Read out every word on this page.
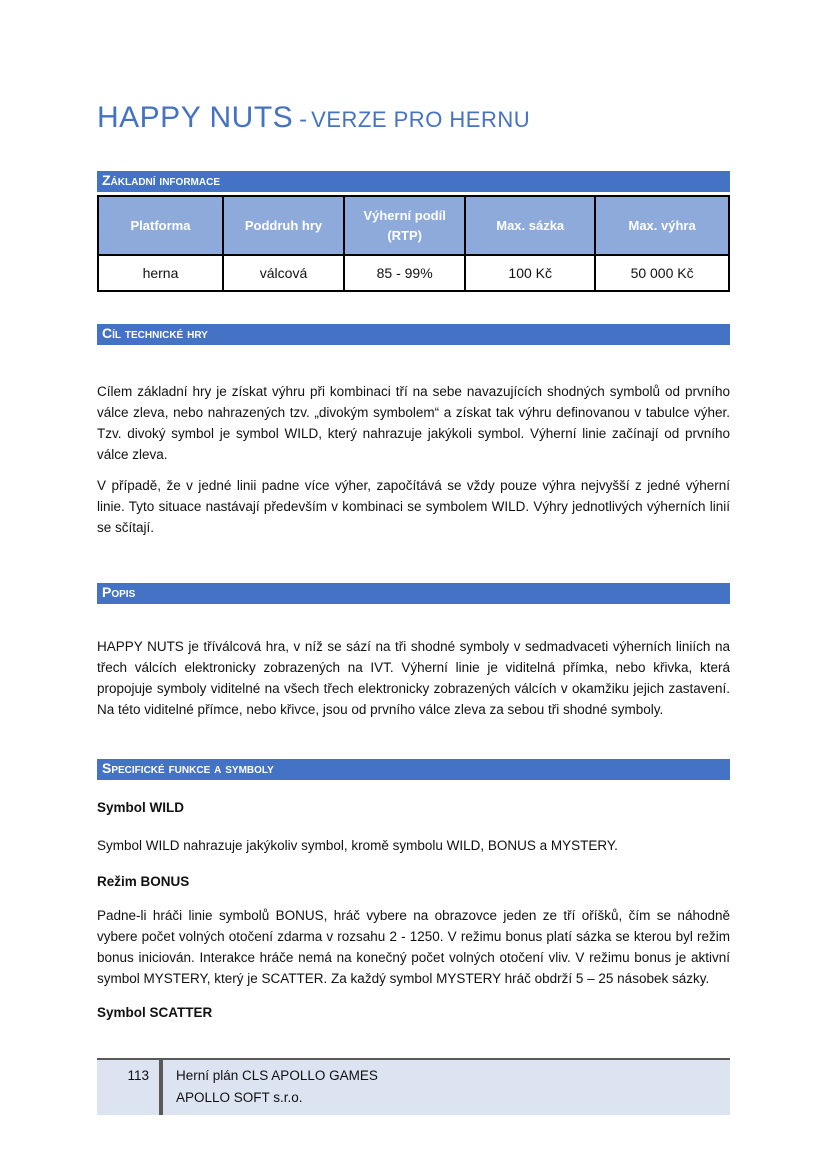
HAPPY NUTS - VERZE PRO HERNU
Základní informace
Platforma	Poddruh hry	Výherní podíl (RTP)	Max. sázka	Max. výhra
herna	válcová	85 - 99%	100 Kč	50 000 Kč
Cíl technické hry

Cílem základní hry je získat výhru při kombinaci tří na sebe navazujících shodných symbolů od prvního válce zleva, nebo nahrazených tzv. „divokým symbolem“ a získat tak výhru definovanou v tabulce výher. Tzv. divoký symbol je symbol WILD, který nahrazuje jakýkoli symbol. Výherní linie začínají od prvního válce zleva.

V případě, že v jedné linii padne více výher, započítává se vždy pouze výhra nejvyšší z jedné výherní linie. Tyto situace nastávají především v kombinaci se symbolem WILD. Výhry jednotlivých výherních linií se sčítají.

Popis

HAPPY NUTS je tříválcová hra, v níž se sází na tři shodné symboly v sedmadvaceti výherních liniích na třech válcích elektronicky zobrazených na IVT. Výherní linie je viditelná přímka, nebo křivka, která propojuje symboly viditelné na všech třech elektronicky zobrazených válcích v okamžiku jejich zastavení. Na této viditelné přímce, nebo křivce, jsou od prvního válce zleva za sebou tři shodné symboly.

Specifické funkce a symboly
Symbol WILD

Symbol WILD nahrazuje jakýkoliv symbol, kromě symbolu WILD, BONUS a MYSTERY.

Režim BONUS

Padne-li hráči linie symbolů BONUS, hráč vybere na obrazovce jeden ze tří oříšků, čím se náhodně vybere počet volných otočení zdarma v rozsahu 2 - 1250. V režimu bonus platí sázka se kterou byl režim bonus iniciován. Interakce hráče nemá na konečný počet volných otočení vliv. V režimu bonus je aktivní symbol MYSTERY, který je SCATTER. Za každý symbol MYSTERY hráč obdrží 5 – 25 násobek sázky.

Symbol SCATTER
113	Herní plán CLS APOLLO GAMES
APOLLO SOFT s.r.o.
